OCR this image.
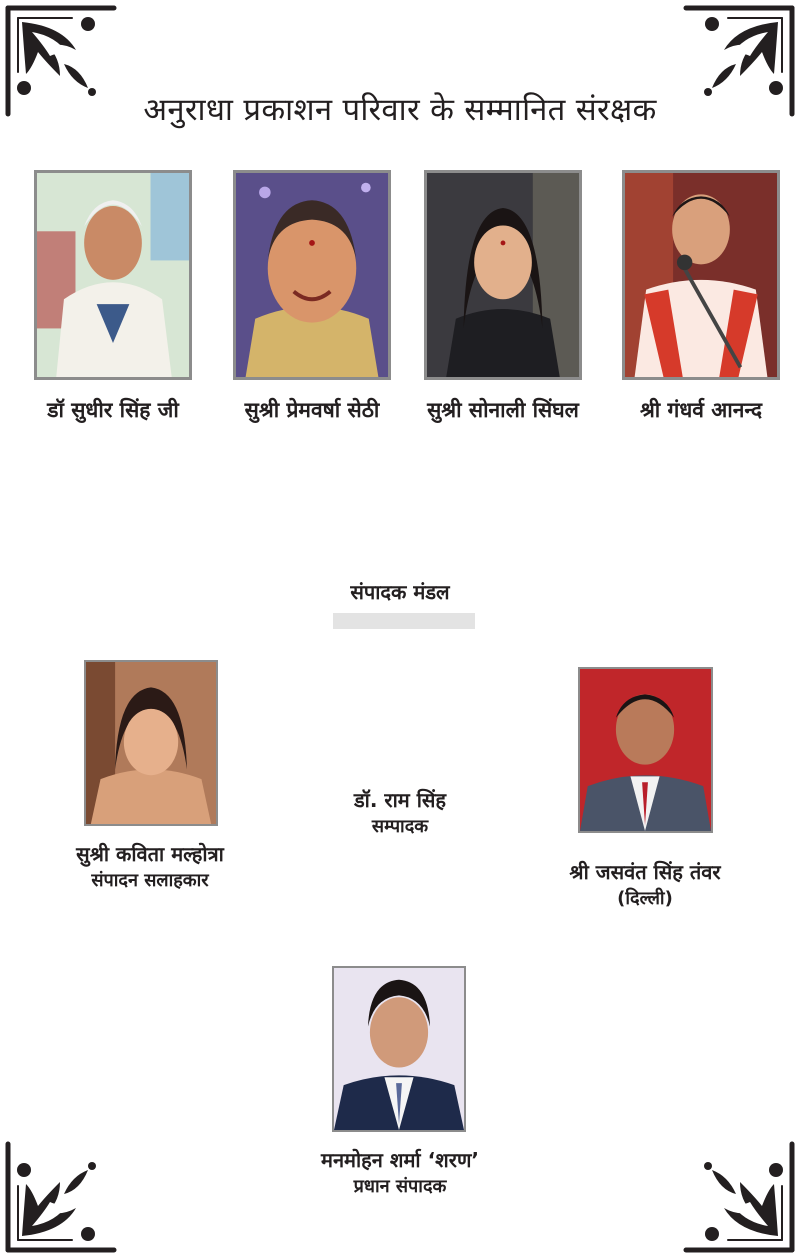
अनुराधा प्रकाशन परिवार के सम्मानित संरक्षक
डॉ सुधीर सिंह जी	सुश्री प्रेमवर्षा सेठी	सुश्री सोनाली सिंघल	श्री गंधर्व आनन्द
संपादक मंडल
सुश्री कविता मल्होत्रा
संपादन सलाहकार
डॉ. राम सिंह
सम्पादक
श्री जसवंत सिंह तंवर
(दिल्ली)
मनमोहन शर्मा ‘शरण’
प्रधान संपादक
